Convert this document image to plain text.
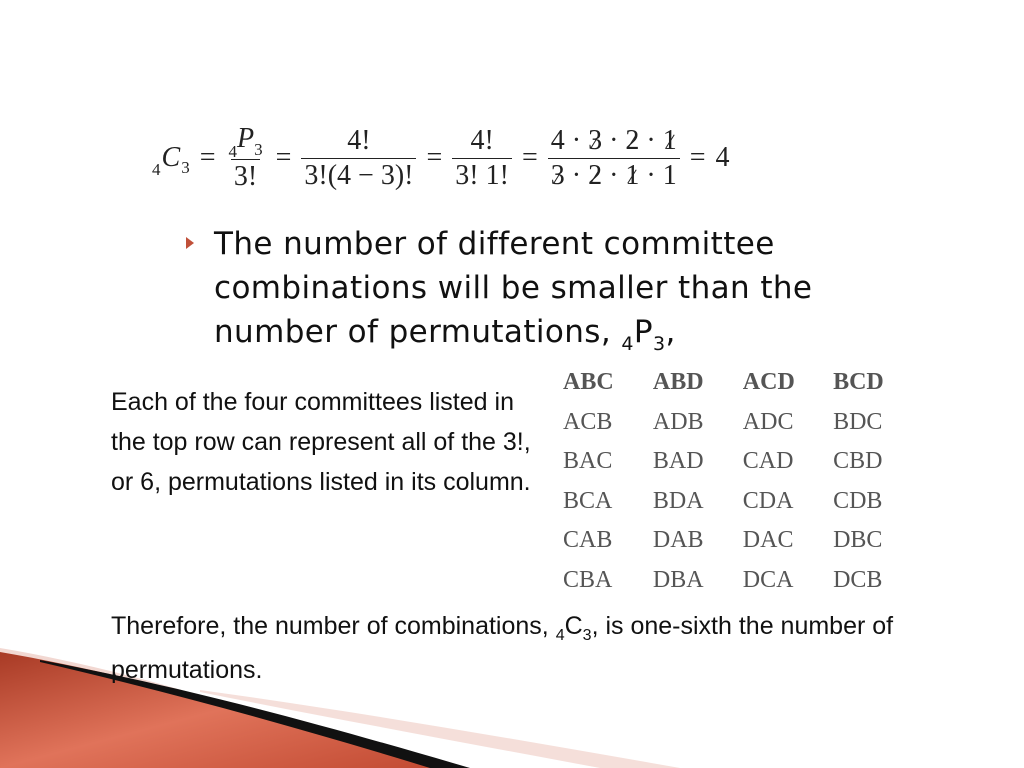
4 C $3 = \frac{_4P_3}{3!} = \frac{4!}{3!(4 - 3)!} = \frac{4!}{3! 1!} = \frac{4 \cdot 3 \cdot 2 \cdot 1}{3 \cdot 2 \cdot 1 \cdot 1} = 4$
The number of different committee combinations will be smaller than the number of permutations, $_4P_3$,
Each of the four committees listed in the top row can represent all of the 3!, or 6, permutations listed in its column.
ABC	ABD	ACD	BCD
ACB	ADB	ADC	BDC
BAC	BAD	CAD	CBD
BCA	BDA	CDA	CDB
CAB	DAB	DAC	DBC
CBA	DBA	DCA	DCB
Therefore, the number of combinations, $_4C_3$, is one-sixth the number of permutations.
